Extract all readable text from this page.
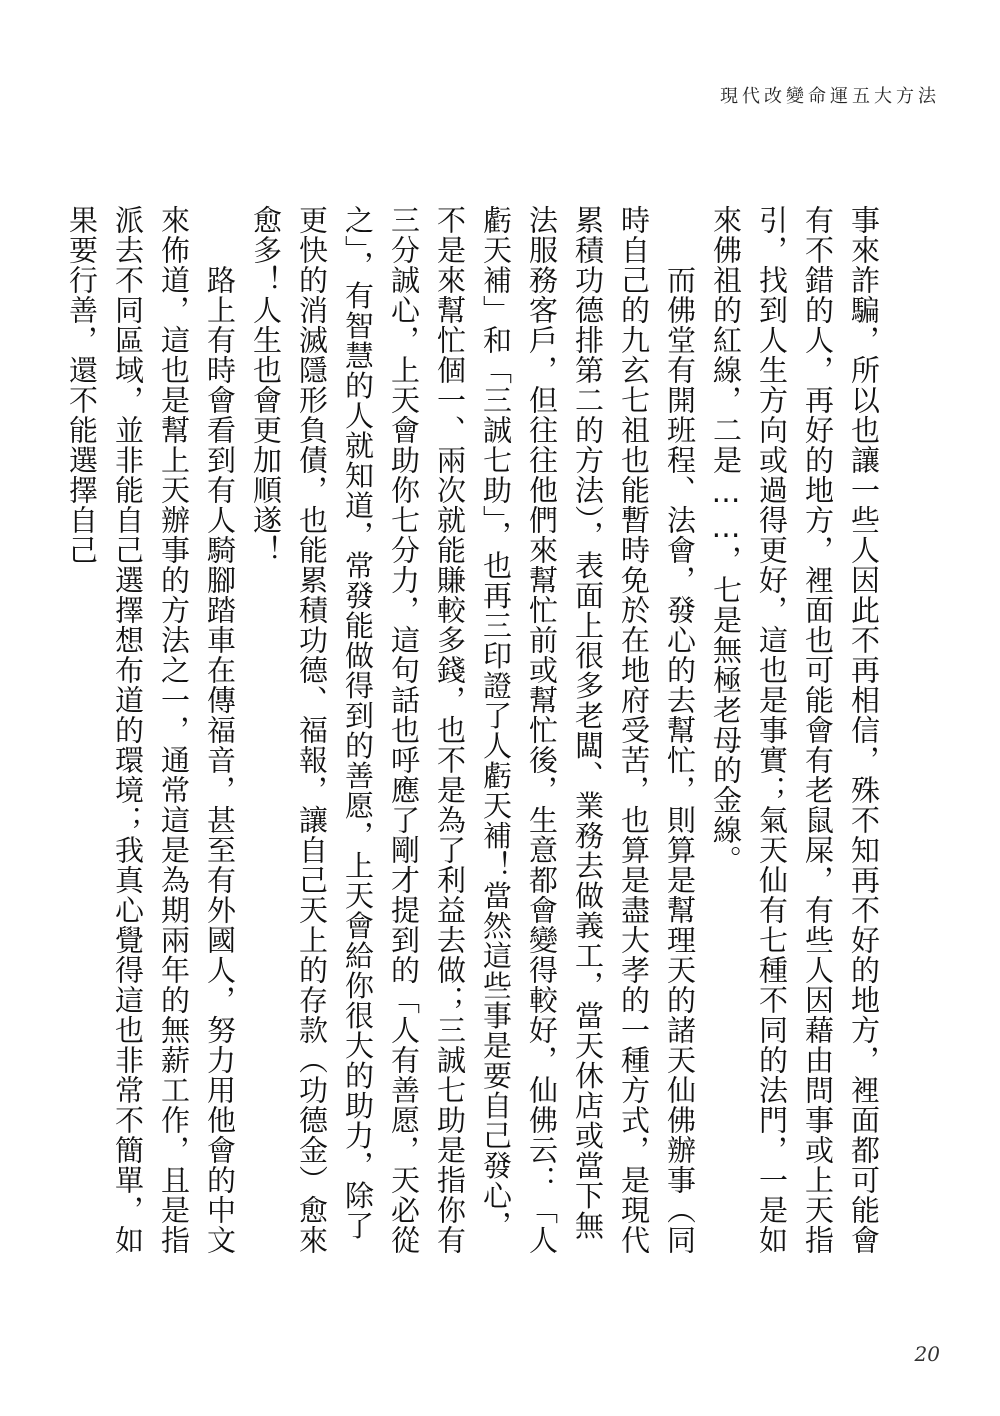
現代改變命運五大方法

事來詐騙，所以也讓一些人因此不再相信，殊不知再不好的地方，裡面都可能會有不錯的人，再好的地方，裡面也可能會有老鼠屎，有些人因藉由問事或上天指引，找到人生方向或過得更好，這也是事實；氣天仙有七種不同的法門，一是如來佛祖的紅線，二是……，七是無極老母的金線。

　　而佛堂有開班程、法會，發心的去幫忙，則算是幫理天的諸天仙佛辦事（同時自己的九玄七祖也能暫時免於在地府受苦，也算是盡大孝的一種方式，是現代累積功德排第二的方法），表面上很多老闆、業務去做義工，當天休店或當下無法服務客戶，但往往他們來幫忙前或幫忙後，生意都會變得較好，仙佛云：「人虧天補」和「三誠七助」，也再三印證了人虧天補！當然這些事是要自己發心，不是來幫忙個一、兩次就能賺較多錢，也不是為了利益去做；三誠七助是指你有三分誠心，上天會助你七分力，這句話也呼應了剛才提到的「人有善愿，天必從之」，有智慧的人就知道，常發能做得到的善愿，上天會給你很大的助力，除了更快的消滅隱形負債，也能累積功德、福報，讓自己天上的存款（功德金）愈來愈多！人生也會更加順遂！

　　路上有時會看到有人騎腳踏車在傳福音，甚至有外國人，努力用他會的中文來佈道，這也是幫上天辦事的方法之一，通常這是為期兩年的無薪工作，且是指派去不同區域，並非能自己選擇想布道的環境；我真心覺得這也非常不簡單，如果要行善，還不能選擇自己

20
